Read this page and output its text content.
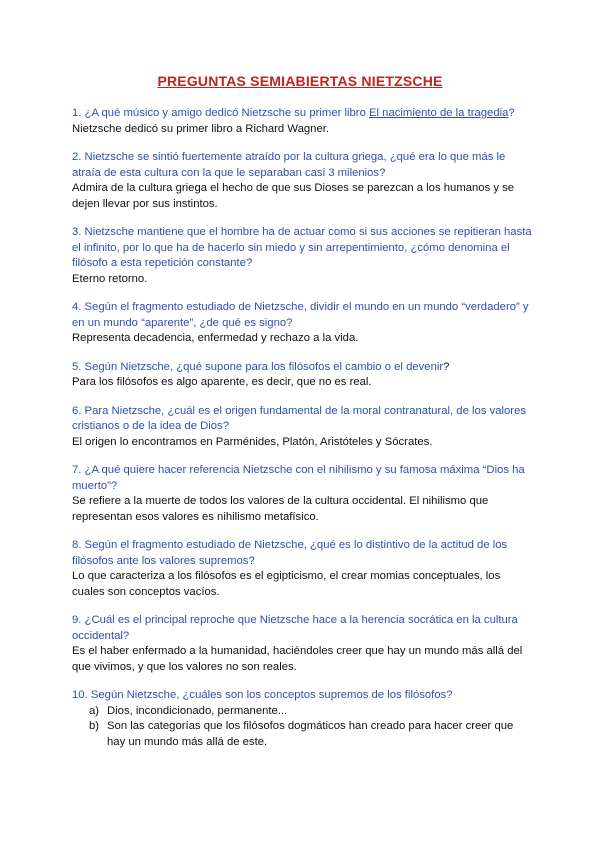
PREGUNTAS SEMIABIERTAS NIETZSCHE
1. ¿A qué músico y amigo dedicó Nietzsche su primer libro El nacimiento de la tragedia?
Nietzsche dedicó su primer libro a Richard Wagner.
2. Nietzsche se sintió fuertemente atraído por la cultura griega, ¿qué era lo que más le atraía de esta cultura con la que le separaban casi 3 milenios?
Admira de la cultura griega el hecho de que sus Dioses se parezcan a los humanos y se dejen llevar por sus instintos.
3. Nietzsche mantiene que el hombre ha de actuar como si sus acciones se repitieran hasta el infinito, por lo que ha de hacerlo sin miedo y sin arrepentimiento, ¿cómo denomina el filósofo a esta repetición constante?
Eterno retorno.
4. Según el fragmento estudiado de Nietzsche, dividir el mundo en un mundo “verdadero” y en un mundo “aparente”, ¿de qué es signo?
Representa decadencia, enfermedad y rechazo a la vida.
5. Según Nietzsche, ¿qué supone para los filósofos el cambio o el devenir?
Para los filósofos es algo aparente, es decir, que no es real.
6. Para Nietzsche, ¿cuál es el origen fundamental de la moral contranatural, de los valores cristianos o de la idea de Dios?
El origen lo encontramos en Parménides, Platón, Aristóteles y Sócrates.
7. ¿A qué quiere hacer referencia Nietzsche con el nihilismo y su famosa máxima “Dios ha muerto”?
Se refiere a la muerte de todos los valores de la cultura occidental. El nihilismo que representan esos valores es nihilismo metafísico.
8. Según el fragmento estudiado de Nietzsche, ¿qué es lo distintivo de la actitud de los filósofos ante los valores supremos?
Lo que caracteriza a los filósofos es el egipticismo, el crear momias conceptuales, los cuales son conceptos vacíos.
9. ¿Cuál es el principal reproche que Nietzsche hace a la herencia socrática en la cultura occidental?
Es el haber enfermado a la humanidad, haciéndoles creer que hay un mundo más allá del que vivimos, y que los valores no son reales.
10. Según Nietzsche, ¿cuáles son los conceptos supremos de los filósofos?
a) Dios, incondicionado, permanente...
b) Son las categorías que los filósofos dogmáticos han creado para hacer creer que hay un mundo más allá de este.
